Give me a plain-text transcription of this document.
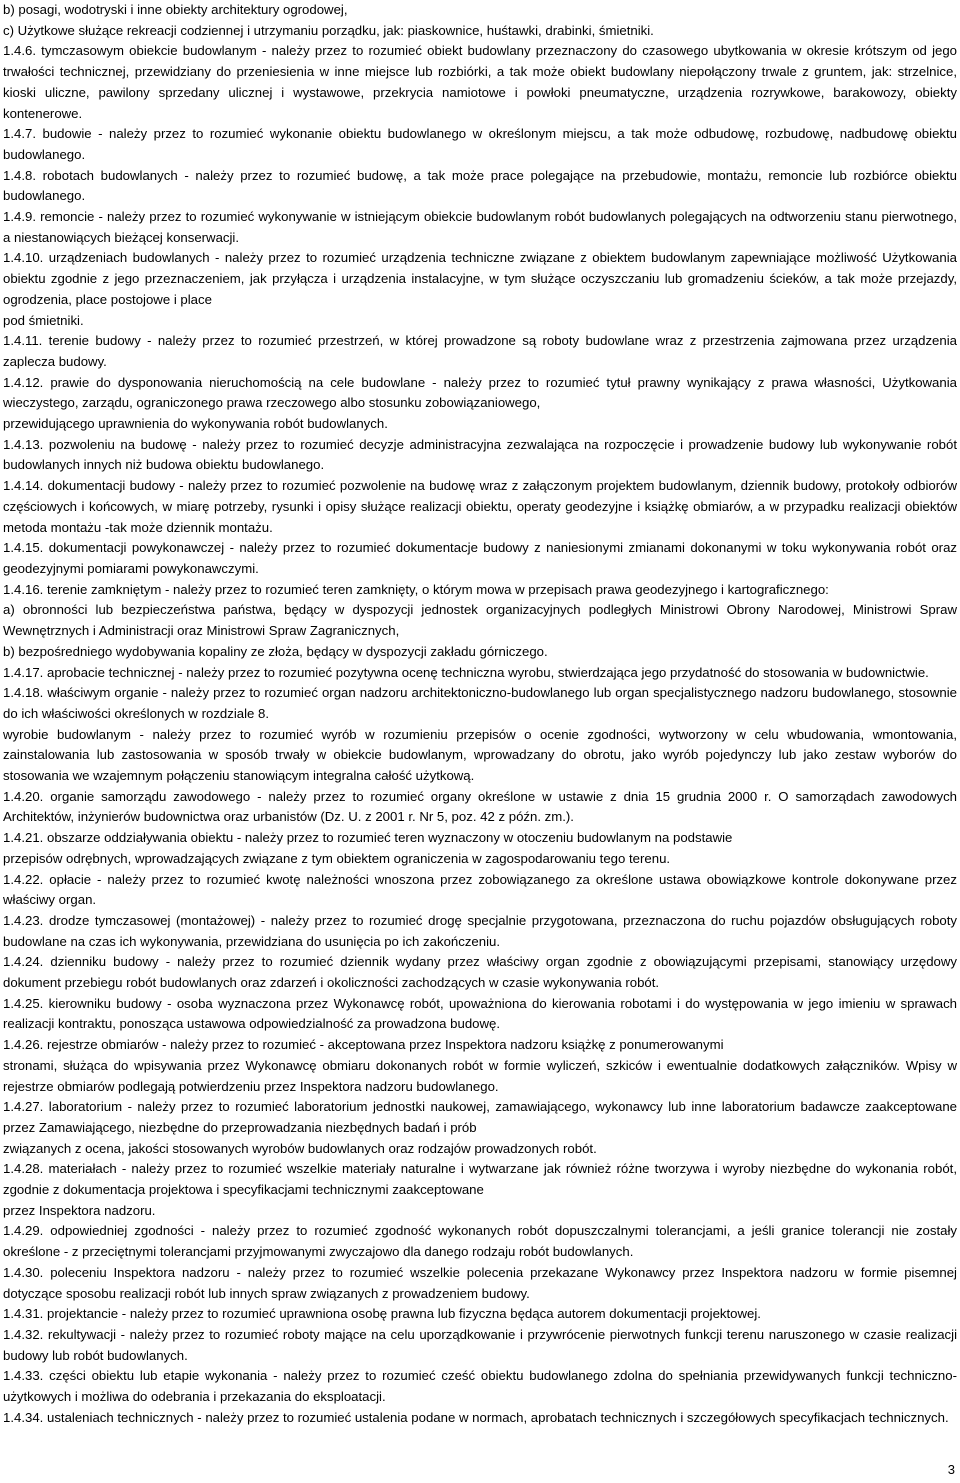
b) posagi, wodotryski i inne obiekty architektury ogrodowej,

c) Użytkowe służące rekreacji codziennej i utrzymaniu porządku, jak: piaskownice, huśtawki, drabinki, śmietniki.

1.4.6. tymczasowym obiekcie budowlanym - należy przez to rozumieć obiekt budowlany przeznaczony do czasowego ubytkowania w okresie krótszym od jego trwałości technicznej, przewidziany do przeniesienia w inne miejsce lub rozbiórki, a tak może obiekt budowlany niepołączony trwale z gruntem, jak: strzelnice, kioski uliczne, pawilony sprzedany ulicznej i wystawowe, przekrycia namiotowe i powłoki pneumatyczne, urządzenia rozrywkowe, barakowozy, obiekty kontenerowe.

1.4.7. budowie - należy przez to rozumieć wykonanie obiektu budowlanego w określonym miejscu, a tak może odbudowę, rozbudowę, nadbudowę obiektu budowlanego.

1.4.8. robotach budowlanych - należy przez to rozumieć budowę, a tak może prace polegające na przebudowie, montażu, remoncie lub rozbiórce obiektu budowlanego.

1.4.9. remoncie - należy przez to rozumieć wykonywanie w istniejącym obiekcie budowlanym robót budowlanych polegających na odtworzeniu stanu pierwotnego, a niestanowiących bieżącej konserwacji.

1.4.10. urządzeniach budowlanych - należy przez to rozumieć urządzenia techniczne związane z obiektem budowlanym zapewniające możliwość Użytkowania obiektu zgodnie z jego przeznaczeniem, jak przyłącza i urządzenia instalacyjne, w tym służące oczyszczaniu lub gromadzeniu ścieków, a tak może przejazdy, ogrodzenia, place postojowe i place

pod śmietniki.

1.4.11. terenie budowy - należy przez to rozumieć przestrzeń, w której prowadzone są roboty budowlane wraz z przestrzenia zajmowana przez urządzenia zaplecza budowy.

1.4.12. prawie do dysponowania nieruchomością na cele budowlane - należy przez to rozumieć tytuł prawny wynikający z prawa własności, Użytkowania wieczystego, zarządu, ograniczonego prawa rzeczowego albo stosunku zobowiązaniowego,

przewidującego uprawnienia do wykonywania robót budowlanych.

1.4.13. pozwoleniu na budowę - należy przez to rozumieć decyzje administracyjna zezwalająca na rozpoczęcie i prowadzenie budowy lub wykonywanie robót budowlanych innych niż budowa obiektu budowlanego.

1.4.14. dokumentacji budowy - należy przez to rozumieć pozwolenie na budowę wraz z załączonym projektem budowlanym, dziennik budowy, protokoły odbiorów częściowych i końcowych, w miarę potrzeby, rysunki i opisy służące realizacji obiektu, operaty geodezyjne i książkę obmiarów, a w przypadku realizacji obiektów metoda montażu -tak może dziennik montażu.

1.4.15. dokumentacji powykonawczej - należy przez to rozumieć dokumentacje budowy z naniesionymi zmianami dokonanymi w toku wykonywania robót oraz geodezyjnymi pomiarami powykonawczymi.

1.4.16. terenie zamkniętym - należy przez to rozumieć teren zamknięty, o którym mowa w przepisach prawa geodezyjnego i kartograficznego:

a) obronności lub bezpieczeństwa państwa, będący w dyspozycji jednostek organizacyjnych podległych Ministrowi Obrony Narodowej, Ministrowi Spraw Wewnętrznych i Administracji oraz Ministrowi Spraw Zagranicznych,

b) bezpośredniego wydobywania kopaliny ze złoża, będący w dyspozycji zakładu górniczego.

1.4.17. aprobacie technicznej - należy przez to rozumieć pozytywna ocenę techniczna wyrobu, stwierdzająca jego przydatność do stosowania w budownictwie.

1.4.18. właściwym organie - należy przez to rozumieć organ nadzoru architektoniczno-budowlanego lub organ specjalistycznego nadzoru budowlanego, stosownie do ich właściwości określonych w rozdziale 8.

wyrobie budowlanym - należy przez to rozumieć wyrób w rozumieniu przepisów o ocenie zgodności, wytworzony w celu wbudowania, wmontowania, zainstalowania lub zastosowania w sposób trwały w obiekcie budowlanym, wprowadzany do obrotu, jako wyrób pojedynczy lub jako zestaw wyborów do stosowania we wzajemnym połączeniu stanowiącym integralna całość użytkową.

1.4.20. organie samorządu zawodowego - należy przez to rozumieć organy określone w ustawie z dnia 15 grudnia 2000 r. O samorządach zawodowych Architektów, inżynierów budownictwa oraz urbanistów (Dz. U. z 2001 r. Nr 5, poz. 42 z późn. zm.).

1.4.21. obszarze oddziaływania obiektu - należy przez to rozumieć teren wyznaczony w otoczeniu budowlanym na podstawie

przepisów odrębnych, wprowadzających związane z tym obiektem ograniczenia w zagospodarowaniu tego terenu.

1.4.22. opłacie - należy przez to rozumieć kwotę należności wnoszona przez zobowiązanego za określone ustawa obowiązkowe kontrole dokonywane przez właściwy organ.

1.4.23. drodze tymczasowej (montażowej) - należy przez to rozumieć drogę specjalnie przygotowana, przeznaczona do ruchu pojazdów obsługujących roboty budowlane na czas ich wykonywania, przewidziana do usunięcia po ich zakończeniu.

1.4.24. dzienniku budowy - należy przez to rozumieć dziennik wydany przez właściwy organ zgodnie z obowiązującymi przepisami, stanowiący urzędowy dokument przebiegu robót budowlanych oraz zdarzeń i okoliczności zachodzących w czasie wykonywania robót.

1.4.25. kierowniku budowy - osoba wyznaczona przez Wykonawcę robót, upoważniona do kierowania robotami i do występowania w jego imieniu w sprawach realizacji kontraktu, ponosząca ustawowa odpowiedzialność za prowadzona budowę.

1.4.26. rejestrze obmiarów - należy przez to rozumieć - akceptowana przez Inspektora nadzoru książkę z ponumerowanymi

stronami, służąca do wpisywania przez Wykonawcę obmiaru dokonanych robót w formie wyliczeń, szkiców i ewentualnie dodatkowych załączników. Wpisy w rejestrze obmiarów podlegają potwierdzeniu przez Inspektora nadzoru budowlanego.

1.4.27. laboratorium - należy przez to rozumieć laboratorium jednostki naukowej, zamawiającego, wykonawcy lub inne laboratorium badawcze zaakceptowane przez Zamawiającego, niezbędne do przeprowadzania niezbędnych badań i prób

związanych z ocena, jakości stosowanych wyrobów budowlanych oraz rodzajów prowadzonych robót.

1.4.28. materiałach - należy przez to rozumieć wszelkie materiały naturalne i wytwarzane jak również różne tworzywa i wyroby niezbędne do wykonania robót, zgodnie z dokumentacja projektowa i specyfikacjami technicznymi zaakceptowane

przez Inspektora nadzoru.

1.4.29. odpowiedniej zgodności - należy przez to rozumieć zgodność wykonanych robót dopuszczalnymi tolerancjami, a jeśli granice tolerancji nie zostały określone - z przeciętnymi tolerancjami przyjmowanymi zwyczajowo dla danego rodzaju robót budowlanych.

1.4.30. poleceniu Inspektora nadzoru - należy przez to rozumieć wszelkie polecenia przekazane Wykonawcy przez Inspektora nadzoru w formie pisemnej dotyczące sposobu realizacji robót lub innych spraw związanych z prowadzeniem budowy.

1.4.31. projektancie - należy przez to rozumieć uprawniona osobę prawna lub fizyczna będąca autorem dokumentacji projektowej.

1.4.32. rekultywacji - należy przez to rozumieć roboty mające na celu uporządkowanie i przywrócenie pierwotnych funkcji terenu naruszonego w czasie realizacji budowy lub robót budowlanych.

1.4.33. części obiektu lub etapie wykonania - należy przez to rozumieć cześć obiektu budowlanego zdolna do spełniania przewidywanych funkcji techniczno-użytkowych i możliwa do odebrania i przekazania do eksploatacji.

1.4.34. ustaleniach technicznych - należy przez to rozumieć ustalenia podane w normach, aprobatach technicznych i szczegółowych specyfikacjach technicznych.

3
